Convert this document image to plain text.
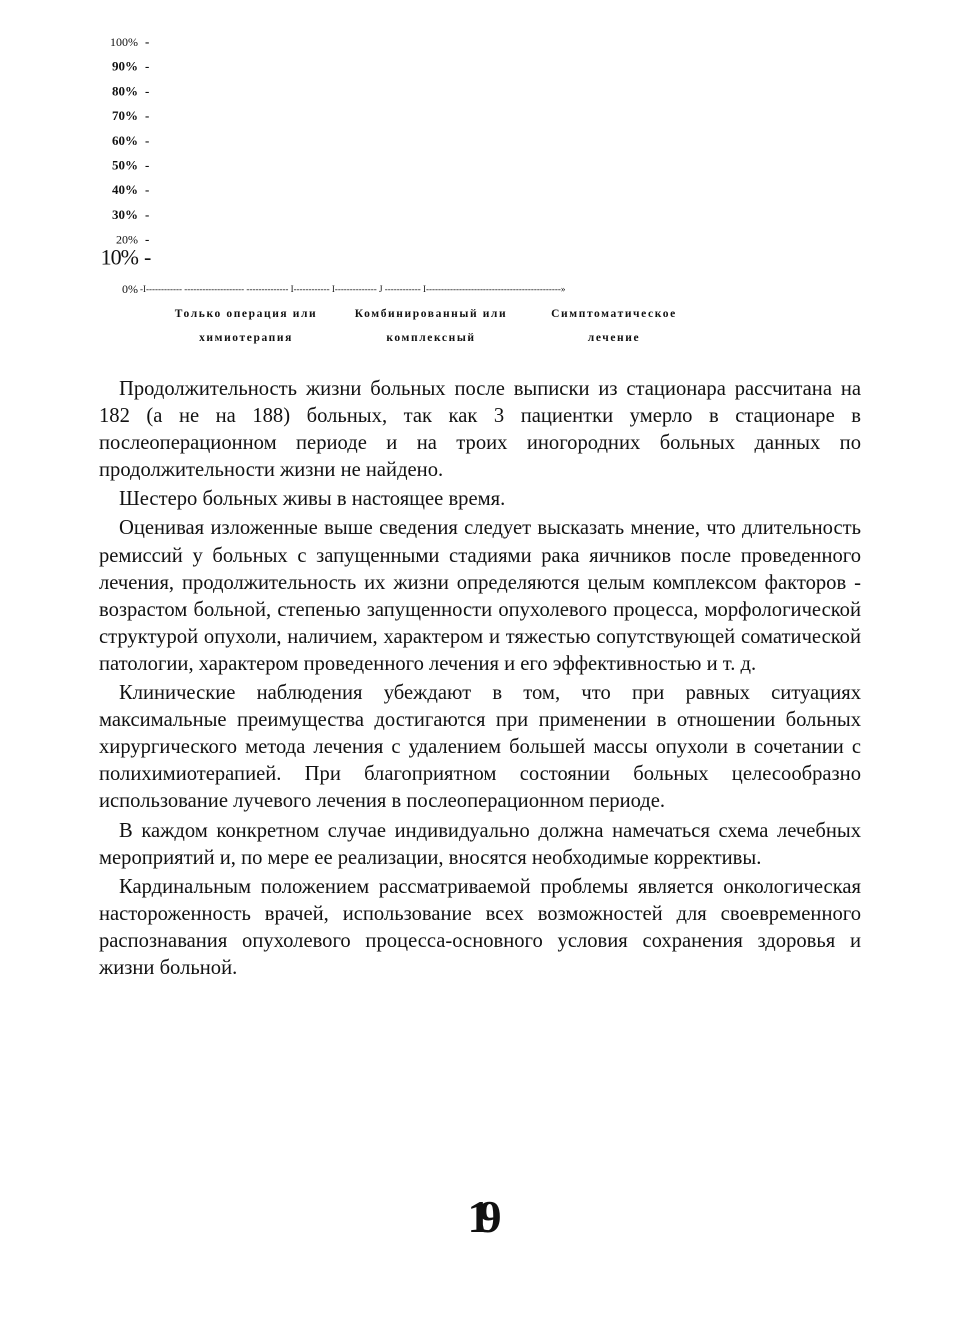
100% -
90% -
80% -
70% -
60% -
50% -
40% -
30% -
20% -
10% -
0% -I------------ -------------------- -------------- I------------ I-------------- J ------------ I---------------------------------------------»
Только операция или
химиотерапия
Комбинированный или
комплексный
Симптоматическое
лечение

Продолжительность жизни больных после выписки из стационара рассчитана на 182 (а не на 188) больных, так как 3 пациентки умерло в стационаре в послеоперационном периоде и на троих иногородних больных данных по продолжительности жизни не найдено.

Шестеро больных живы в настоящее время.

Оценивая изложенные выше сведения следует высказать мнение, что длительность ремиссий у больных с запущенными стадиями рака яичников после проведенного лечения, продолжительность их жизни определяются целым комплексом факторов - возрастом больной, степенью запущенности опухолевого процесса, морфологической структурой опухоли, наличием, характером и тяжестью сопутствующей соматической патологии, характером проведенного лечения и его эффективностью и т. д.

Клинические наблюдения убеждают в том, что при равных ситуациях максимальные преимущества достигаются при применении в отношении больных хирургического метода лечения с удалением большей массы опухоли в сочетании с полихимиотерапией. При благоприятном состоянии больных целесообразно использование лучевого лечения в послеоперационном периоде.

В каждом конкретном случае индивидуально должна намечаться схема лечебных мероприятий и, по мере ее реализации, вносятся необходимые коррективы.

Кардинальным положением рассматриваемой проблемы является онкологическая настороженность врачей, использование всех возможностей для своевременного распознавания опухолевого процесса-основного условия сохранения здоровья и жизни больной.

19
